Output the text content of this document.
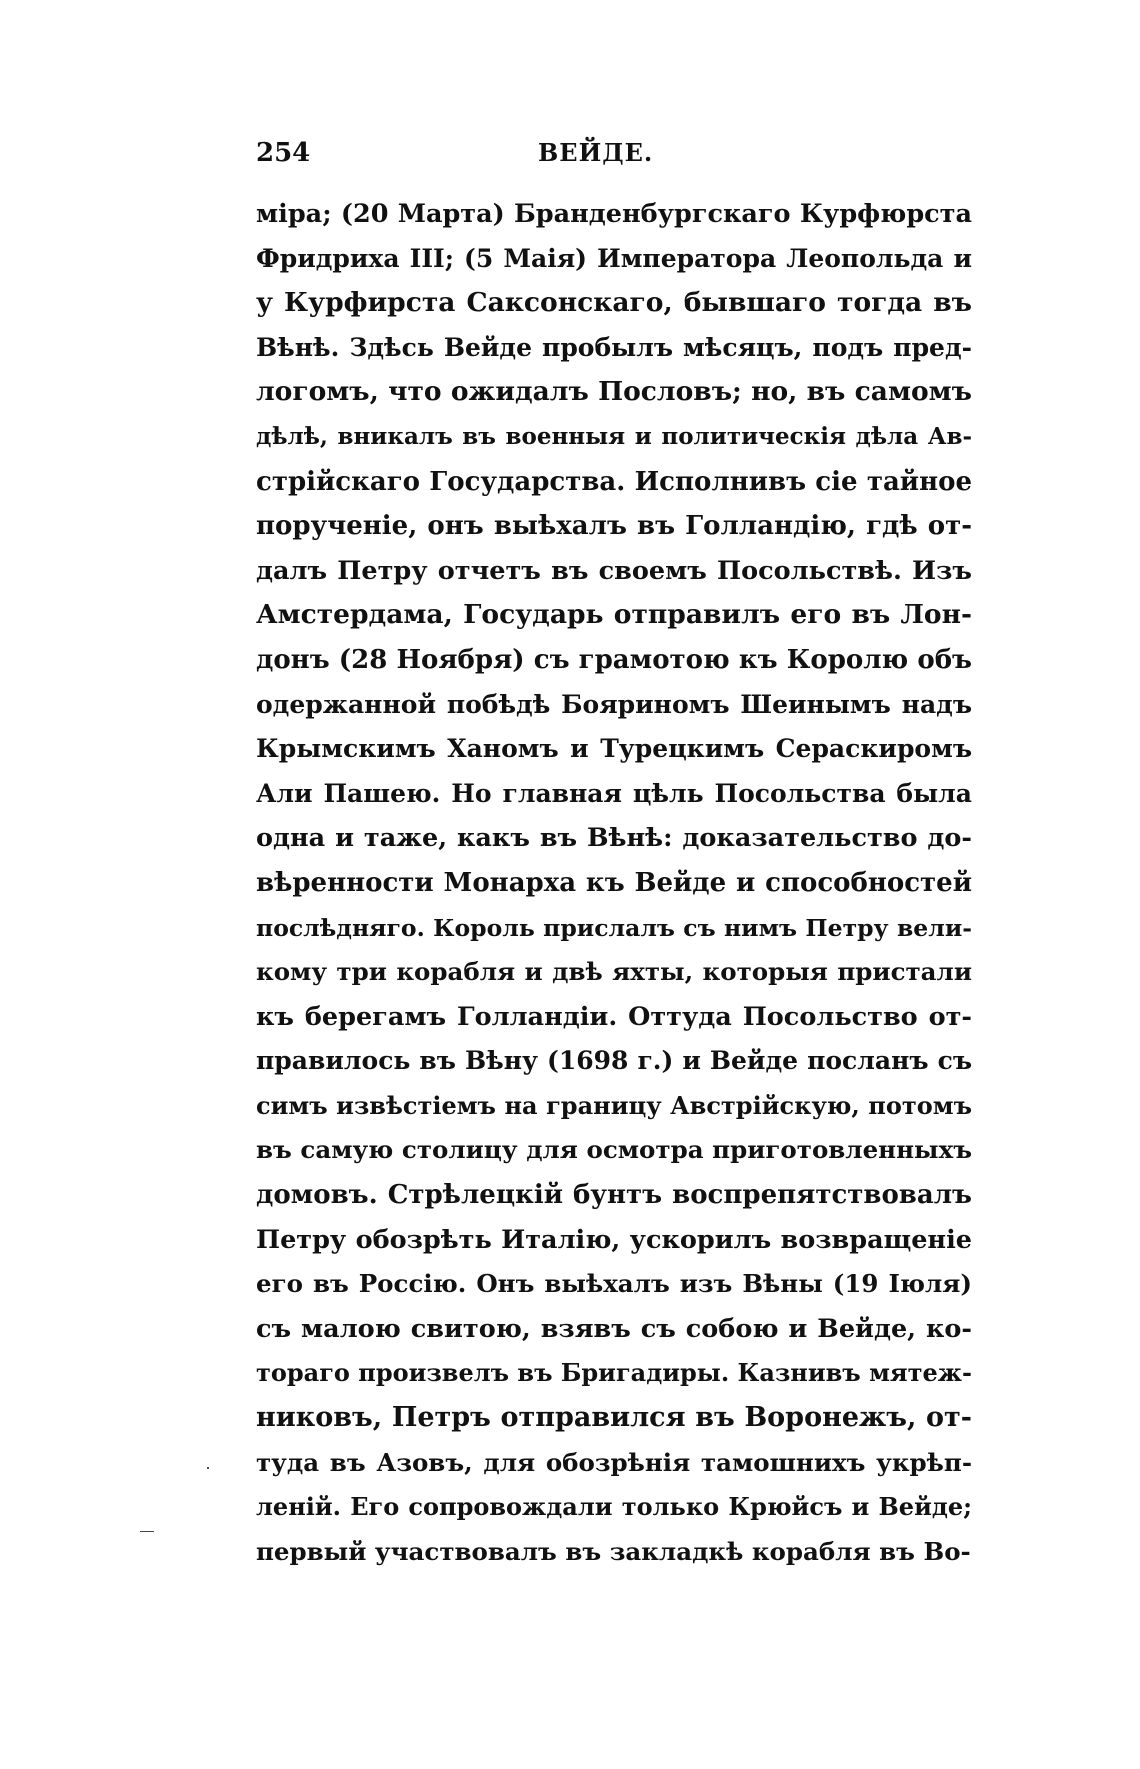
254	ВЕЙДЕ.
міра; (20 Марта) Бранденбургскаго Курфюрста
Фридриха III; (5 Маія) Императора Леопольда и
у Курфирста Саксонскаго, бывшаго тогда въ
Вѣнѣ. Здѣсь Вейде пробылъ мѣсяцъ, подъ пред-
логомъ, что ожидалъ Пословъ; но, въ самомъ
дѣлѣ, вникалъ въ военныя и политическія дѣла Ав-
стрійскаго Государства. Исполнивъ сіе тайное
порученіе, онъ выѣхалъ въ Голландію, гдѣ от-
далъ Петру отчетъ въ своемъ Посольствѣ. Изъ
Амстердама, Государь отправилъ его въ Лон-
донъ (28 Ноября) съ грамотою къ Королю объ
одержанной побѣдѣ Бояриномъ Шеинымъ надъ
Крымскимъ Ханомъ и Турецкимъ Сераскиромъ
Али Пашею. Но главная цѣль Посольства была
одна и таже, какъ въ Вѣнѣ: доказательство до-
вѣренности Монарха къ Вейде и способностей
послѣдняго. Король прислалъ съ нимъ Петру вели-
кому три корабля и двѣ яхты, которыя пристали
къ берегамъ Голландіи. Оттуда Посольство от-
правилось въ Вѣну (1698 г.) и Вейде посланъ съ
симъ извѣстіемъ на границу Австрійскую, потомъ
въ самую столицу для осмотра приготовленныхъ
домовъ. Стрѣлецкій бунтъ воспрепятствовалъ
Петру обозрѣть Италію, ускорилъ возвращеніе
его въ Россію. Онъ выѣхалъ изъ Вѣны (19 Іюля)
съ малою свитою, взявъ съ собою и Вейде, ко-
тораго произвелъ въ Бригадиры. Казнивъ мятеж-
никовъ, Петръ отправился въ Воронежъ, от-
туда въ Азовъ, для обозрѣнія тамошнихъ укрѣп-
леній. Его сопровождали только Крюйсъ и Вейде;
первый участвовалъ въ закладкѣ корабля въ Во-
